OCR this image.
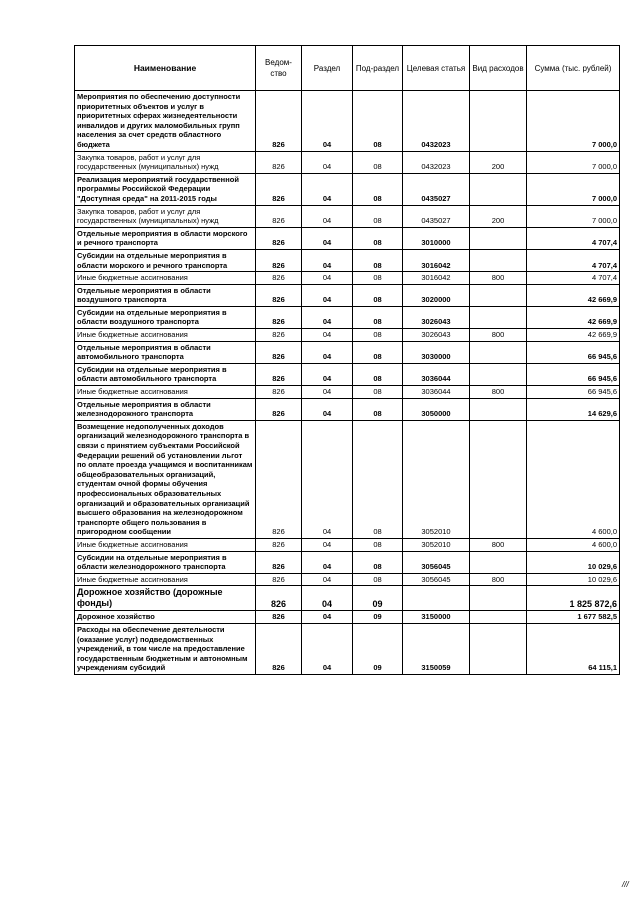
Наименование	Ведом-ство	Раздел	Под-раздел	Целевая статья	Вид расходов	Сумма (тыс. рублей)
Мероприятия по обеспечению доступности приоритетных объектов и услуг в приоритетных сферах жизнедеятельности инвалидов и других маломобильных групп населения за счет средств областного бюджета	826	04	08	0432023		7 000,0
Закупка товаров, работ и услуг для государственных (муниципальных) нужд	826	04	08	0432023	200	7 000,0
Реализация мероприятий государственной программы Российской Федерации "Доступная среда" на 2011-2015 годы	826	04	08	0435027		7 000,0
Закупка товаров, работ и услуг для государственных (муниципальных) нужд	826	04	08	0435027	200	7 000,0
Отдельные мероприятия в области морского и речного транспорта	826	04	08	3010000		4 707,4
Субсидии на отдельные мероприятия в области морского и речного транспорта	826	04	08	3016042		4 707,4
Иные бюджетные ассигнования	826	04	08	3016042	800	4 707,4
Отдельные мероприятия в области воздушного транспорта	826	04	08	3020000		42 669,9
Субсидии на отдельные мероприятия в области воздушного транспорта	826	04	08	3026043		42 669,9
Иные бюджетные ассигнования	826	04	08	3026043	800	42 669,9
Отдельные мероприятия в области автомобильного транспорта	826	04	08	3030000		66 945,6
Субсидии на отдельные мероприятия в области автомобильного транспорта	826	04	08	3036044		66 945,6
Иные бюджетные ассигнования	826	04	08	3036044	800	66 945,6
Отдельные мероприятия в области железнодорожного транспорта	826	04	08	3050000		14 629,6
Возмещение недополученных доходов организаций железнодорожного транспорта в связи с принятием субъектами Российской Федерации решений об установлении льгот по оплате проезда учащимся и воспитанникам общеобразовательных организаций, студентам очной формы обучения профессиональных образовательных организаций и образовательных организаций высшего образования на железнодорожном транспорте общего пользования в пригородном сообщении	826	04	08	3052010		4 600,0
Иные бюджетные ассигнования	826	04	08	3052010	800	4 600,0
Субсидии на отдельные мероприятия в области железнодорожного транспорта	826	04	08	3056045		10 029,6
Иные бюджетные ассигнования	826	04	08	3056045	800	10 029,6
Дорожное хозяйство (дорожные фонды)	826	04	09			1 825 872,6
Дорожное хозяйство	826	04	09	3150000		1 677 582,5
Расходы на обеспечение деятельности (оказание услуг) подведомственных учреждений, в том числе на предоставление государственным бюджетным и автономным учреждениям субсидий	826	04	09	3150059		64 115,1
///
